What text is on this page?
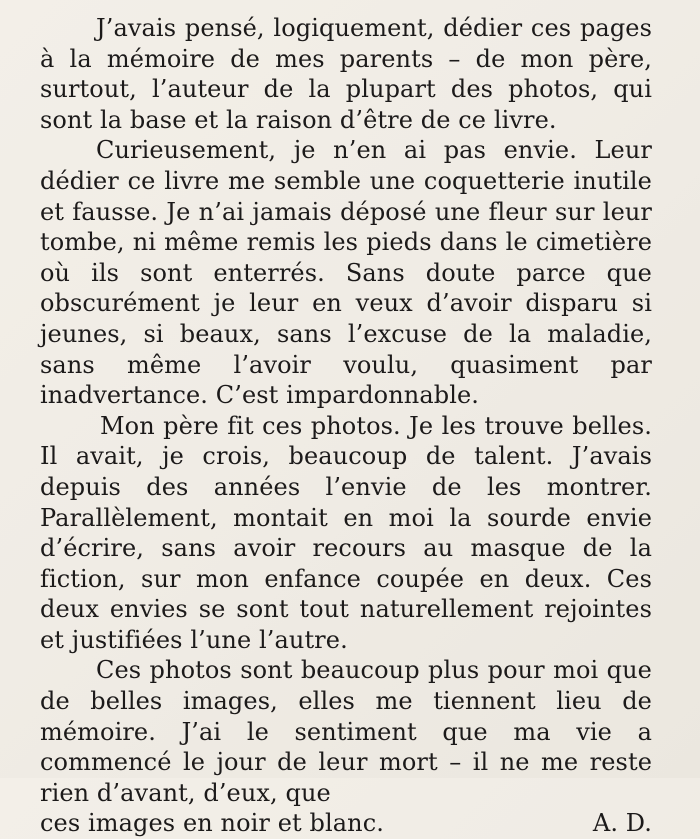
J’avais pensé, logiquement, dédier ces pages à la mémoire de mes parents – de mon père, surtout, l’auteur de la plupart des photos, qui sont la base et la raison d’être de ce livre.

Curieusement, je n’en ai pas envie. Leur dédier ce livre me semble une coquetterie inutile et fausse. Je n’ai jamais déposé une fleur sur leur tombe, ni même remis les pieds dans le cimetière où ils sont enterrés. Sans doute parce que obscurément je leur en veux d’avoir disparu si jeunes, si beaux, sans l’excuse de la maladie, sans même l’avoir voulu, quasiment par inadvertance. C’est impardonnable.

Mon père fit ces photos. Je les trouve belles. Il avait, je crois, beaucoup de talent. J’avais depuis des années l’envie de les montrer. Parallèlement, montait en moi la sourde envie d’écrire, sans avoir recours au masque de la fiction, sur mon enfance coupée en deux. Ces deux envies se sont tout naturellement rejointes et justifiées l’une l’autre.

Ces photos sont beaucoup plus pour moi que de belles images, elles me tiennent lieu de mémoire. J’ai le sentiment que ma vie a commencé le jour de leur mort – il ne me reste rien d’avant, d’eux, que

ces images en noir et blanc.	A. D.
